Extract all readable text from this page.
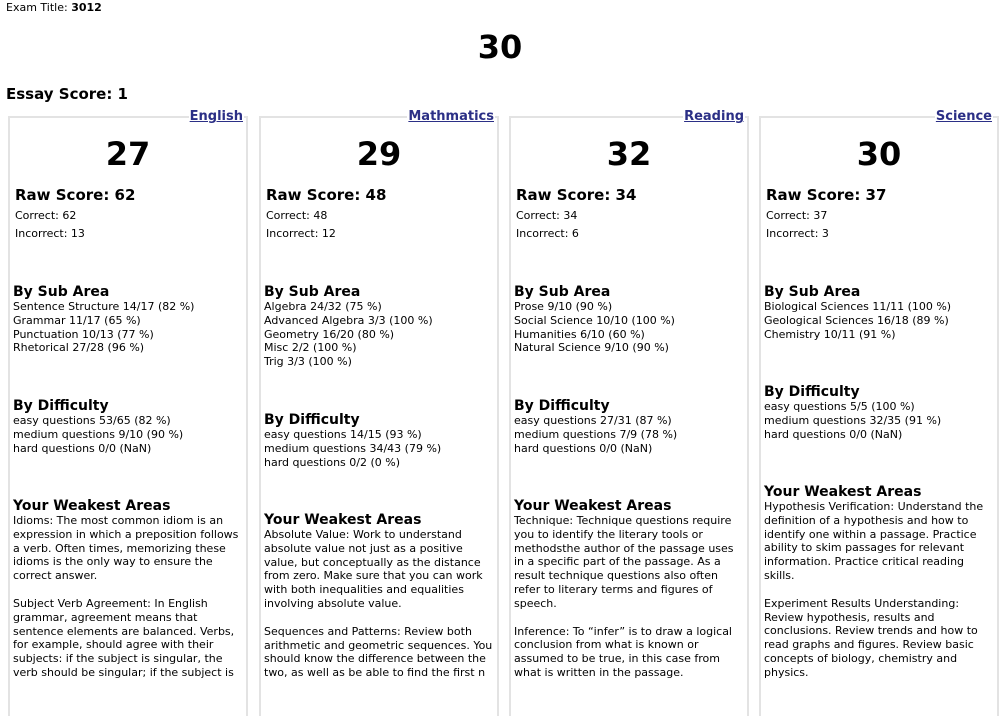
Exam Title: 3012
30
Essay Score: 1
English
27
Raw Score: 62
Correct: 62
Incorrect: 13
By Sub Area
Sentence Structure 14/17 (82 %)
Grammar 11/17 (65 %)
Punctuation 10/13 (77 %)
Rhetorical 27/28 (96 %)
By Difficulty
easy questions 53/65 (82 %)
medium questions 9/10 (90 %)
hard questions 0/0 (NaN)
Your Weakest Areas

Idioms: The most common idiom is an expression in which a preposition follows a verb. Often times, memorizing these idioms is the only way to ensure the correct answer.

Subject Verb Agreement: In English grammar, agreement means that sentence elements are balanced. Verbs, for example, should agree with their subjects: if the subject is singular, the verb should be singular; if the subject is

Mathmatics
29
Raw Score: 48
Correct: 48
Incorrect: 12
By Sub Area
Algebra 24/32 (75 %)
Advanced Algebra 3/3 (100 %)
Geometry 16/20 (80 %)
Misc 2/2 (100 %)
Trig 3/3 (100 %)
By Difficulty
easy questions 14/15 (93 %)
medium questions 34/43 (79 %)
hard questions 0/2 (0 %)
Your Weakest Areas

Absolute Value: Work to understand absolute value not just as a positive value, but conceptually as the distance from zero. Make sure that you can work with both inequalities and equalities involving absolute value.

Sequences and Patterns: Review both arithmetic and geometric sequences. You should know the difference between the two, as well as be able to find the first n

Reading
32
Raw Score: 34
Correct: 34
Incorrect: 6
By Sub Area
Prose 9/10 (90 %)
Social Science 10/10 (100 %)
Humanities 6/10 (60 %)
Natural Science 9/10 (90 %)
By Difficulty
easy questions 27/31 (87 %)
medium questions 7/9 (78 %)
hard questions 0/0 (NaN)
Your Weakest Areas

Technique: Technique questions require you to identify the literary tools or methodsthe author of the passage uses in a specific part of the passage. As a result technique questions also often refer to literary terms and figures of speech.

Inference: To “infer” is to draw a logical conclusion from what is known or assumed to be true, in this case from what is written in the passage.

Science
30
Raw Score: 37
Correct: 37
Incorrect: 3
By Sub Area
Biological Sciences 11/11 (100 %)
Geological Sciences 16/18 (89 %)
Chemistry 10/11 (91 %)
By Difficulty
easy questions 5/5 (100 %)
medium questions 32/35 (91 %)
hard questions 0/0 (NaN)
Your Weakest Areas

Hypothesis Verification: Understand the definition of a hypothesis and how to identify one within a passage. Practice ability to skim passages for relevant information. Practice critical reading skills.

Experiment Results Understanding: Review hypothesis, results and conclusions. Review trends and how to read graphs and figures. Review basic concepts of biology, chemistry and physics.
